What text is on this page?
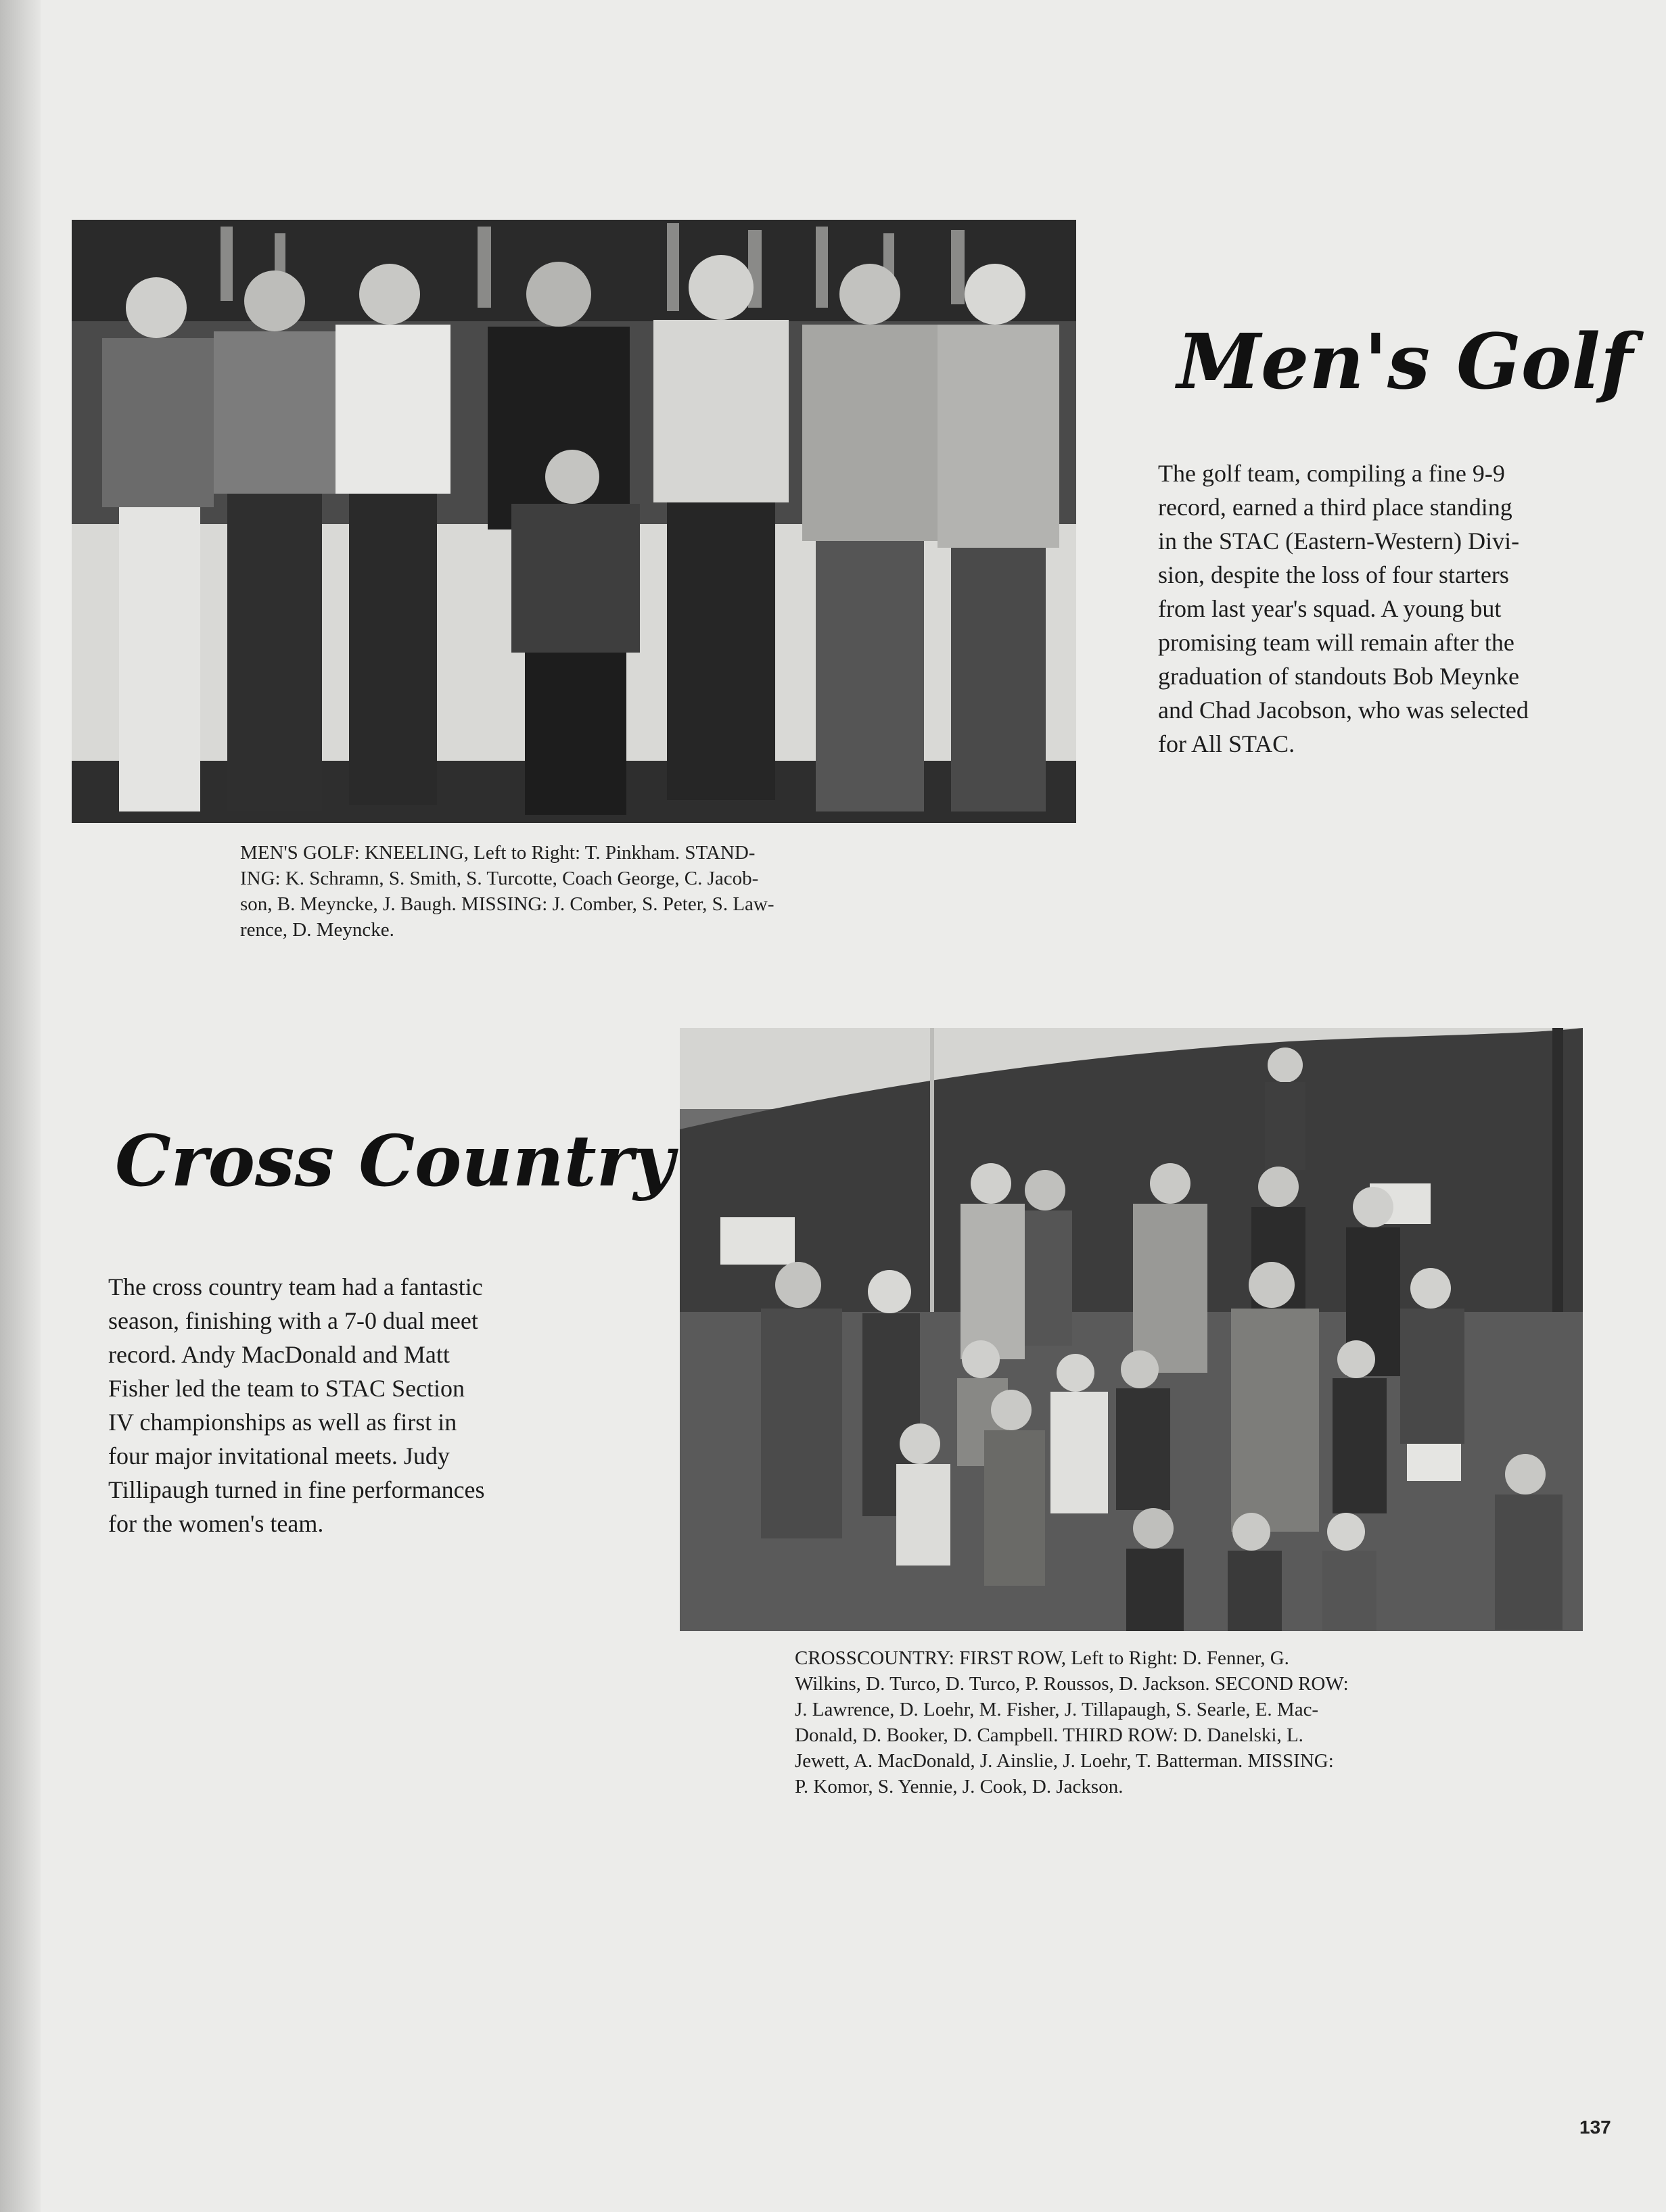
Men's Golf
The golf team, compiling a fine 9-9
record, earned a third place standing
in the STAC (Eastern-Western) Divi-
sion, despite the loss of four starters
from last year's squad. A young but
promising team will remain after the
graduation of standouts Bob Meynke
and Chad Jacobson, who was selected
for All STAC.
MEN'S GOLF: KNEELING, Left to Right: T. Pinkham. STAND-
ING: K. Schramn, S. Smith, S. Turcotte, Coach George, C. Jacob-
son, B. Meyncke, J. Baugh. MISSING: J. Comber, S. Peter, S. Law-
rence, D. Meyncke.
Cross Country
The cross country team had a fantastic
season, finishing with a 7-0 dual meet
record. Andy MacDonald and Matt
Fisher led the team to STAC Section
IV championships as well as first in
four major invitational meets. Judy
Tillipaugh turned in fine performances
for the women's team.
CROSSCOUNTRY: FIRST ROW, Left to Right: D. Fenner, G.
Wilkins, D. Turco, D. Turco, P. Roussos, D. Jackson. SECOND ROW:
J. Lawrence, D. Loehr, M. Fisher, J. Tillapaugh, S. Searle, E. Mac-
Donald, D. Booker, D. Campbell. THIRD ROW: D. Danelski, L.
Jewett, A. MacDonald, J. Ainslie, J. Loehr, T. Batterman. MISSING:
P. Komor, S. Yennie, J. Cook, D. Jackson.
137
